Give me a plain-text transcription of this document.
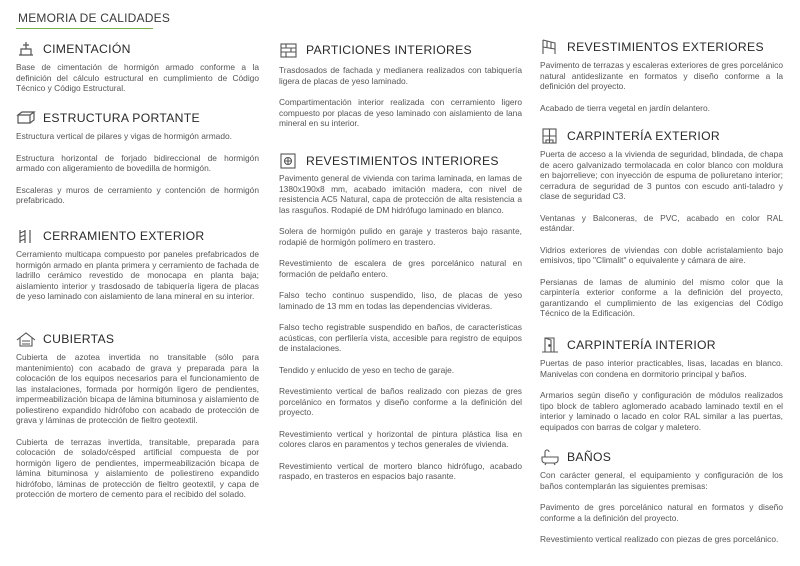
MEMORIA DE CALIDADES
CIMENTACIÓN

Base de cimentación de hormigón armado conforme a la definición del cálculo estructural en cumplimiento de Código Técnico y Código Estructural.

ESTRUCTURA PORTANTE

Estructura vertical de pilares y vigas de hormigón armado.

Estructura horizontal de forjado bidireccional de hormigón armado con aligeramiento de bovedilla de hormigón.

Escaleras y muros de cerramiento y contención de hormigón prefabricado.

CERRAMIENTO EXTERIOR

Cerramiento multicapa compuesto por paneles prefabricados de hormigón armado en planta primera y cerramiento de fachada de ladrillo cerámico revestido de monocapa en planta baja; aislamiento interior y trasdosado de tabiquería ligera de placas de yeso laminado con aislamiento de lana mineral en su interior.

CUBIERTAS

Cubierta de azotea invertida no transitable (sólo para mantenimiento) con acabado de grava y preparada para la colocación de los equipos necesarios para el funcionamiento de las instalaciones, formada por hormigón ligero de pendientes, impermeabilización bicapa de lámina bituminosa y aislamiento de poliestireno expandido hidrófobo con acabado de protección de grava y láminas de protección de fieltro geotextil.

Cubierta de terrazas invertida, transitable, preparada para colocación de solado/césped artificial compuesta de por hormigón ligero de pendientes, impermeabilización bicapa de lámina bituminosa y aislamiento de poliestireno expandido hidrófobo, láminas de protección de fieltro geotextil, y capa de protección de mortero de cemento para el recibido del solado.

PARTICIONES INTERIORES

Trasdosados de fachada y medianera realizados con tabiquería ligera de placas de yeso laminado.

Compartimentación interior realizada con cerramiento ligero compuesto por placas de yeso laminado con aislamiento de lana mineral en su interior.

REVESTIMIENTOS INTERIORES

Pavimento general de vivienda con tarima laminada, en lamas de 1380x190x8 mm, acabado imitación madera, con nivel de resistencia AC5 Natural, capa de protección de alta resistencia a las rasguños. Rodapié de DM hidrófugo laminado en blanco.

Solera de hormigón pulido en garaje y trasteros bajo rasante, rodapié de hormigón polímero en trastero.

Revestimiento de escalera de gres porcelánico natural en formación de peldaño entero.

Falso techo continuo suspendido, liso, de placas de yeso laminado de 13 mm en todas las dependencias vivideras.

Falso techo registrable suspendido en baños, de características acústicas, con perfilería vista, accesible para registro de equipos de instalaciones.

Tendido y enlucido de yeso en techo de garaje.

Revestimiento vertical de baños realizado con piezas de gres porcelánico en formatos y diseño conforme a la definición del proyecto.

Revestimiento vertical y horizontal de pintura plástica lisa en colores claros en paramentos y techos generales de vivienda.

Revestimiento vertical de mortero blanco hidrófugo, acabado raspado, en trasteros en espacios bajo rasante.

REVESTIMIENTOS EXTERIORES

Pavimento de terrazas y escaleras exteriores de gres porcelánico natural antideslizante en formatos y diseño conforme a la definición del proyecto.

Acabado de tierra vegetal en jardín delantero.

CARPINTERÍA EXTERIOR

Puerta de acceso a la vivienda de seguridad, blindada, de chapa de acero galvanizado termolacada en color blanco con moldura en bajorrelieve; con inyección de espuma de poliuretano interior; cerradura de seguridad de 3 puntos con escudo anti-taladro y clase de seguridad C3.

Ventanas y Balconeras, de PVC, acabado en color RAL estándar.

Vidrios exteriores de viviendas con doble acristalamiento bajo emisivos, tipo "Climalit" o equivalente y cámara de aire.

Persianas de lamas de aluminio del mismo color que la carpintería exterior conforme a la definición del proyecto, garantizando el cumplimiento de las exigencias del Código Técnico de la Edificación.

CARPINTERÍA INTERIOR

Puertas de paso interior practicables, lisas, lacadas en blanco. Manivelas con condena en dormitorio principal y baños.

Armarios según diseño y configuración de módulos realizados tipo block de tablero aglomerado acabado laminado textil en el interior y laminado o lacado en color RAL similar a las puertas, equipados con barras de colgar y maletero.

BAÑOS

Con carácter general, el equipamiento y configuración de los baños contemplarán las siguientes premisas:

Pavimento de gres porcelánico natural en formatos y diseño conforme a la definición del proyecto.

Revestimiento vertical realizado con piezas de gres porcelánico.
